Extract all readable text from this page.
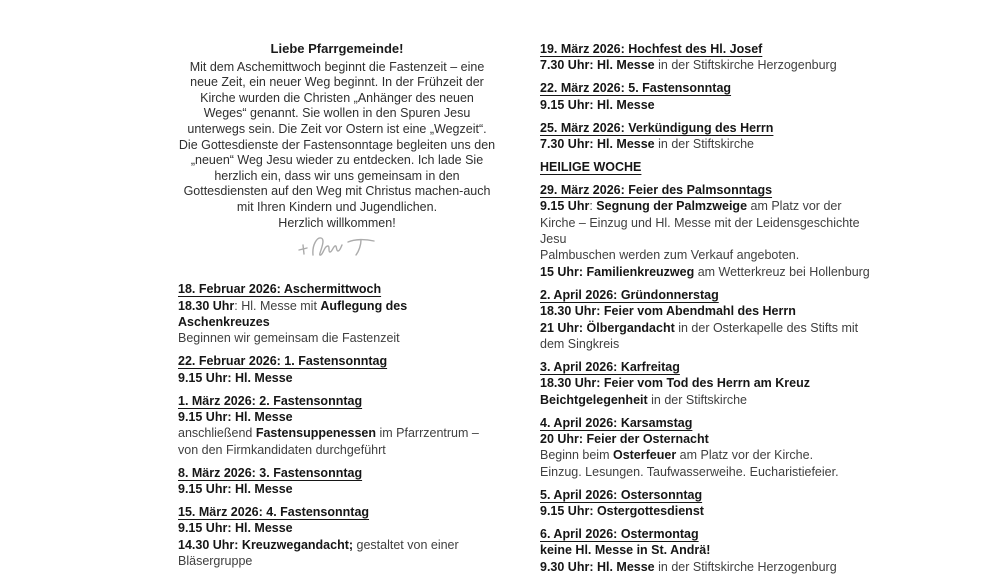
Liebe Pfarrgemeinde!

Mit dem Aschemittwoch beginnt die Fastenzeit – eine neue Zeit, ein neuer Weg beginnt. In der Frühzeit der Kirche wurden die Christen „Anhänger des neuen Weges“ genannt. Sie wollen in den Spuren Jesu unterwegs sein. Die Zeit vor Ostern ist eine „Wegzeit“.

Die Gottesdienste der Fastensonntage begleiten uns den „neuen“ Weg Jesu wieder zu entdecken. Ich lade Sie herzlich ein, dass wir uns gemeinsam in den Gottesdiensten auf den Weg mit Christus machen-auch mit Ihren Kindern und Jugendlichen.

Herzlich willkommen!

18. Februar 2026: Aschermittwoch
18.30 Uhr: Hl. Messe mit Auflegung des Aschenkreuzes
Beginnen wir gemeinsam die Fastenzeit
22. Februar 2026: 1. Fastensonntag
9.15 Uhr: Hl. Messe
1. März 2026: 2. Fastensonntag
9.15 Uhr: Hl. Messe
anschließend Fastensuppenessen im Pfarrzentrum – von den Firmkandidaten durchgeführt
8. März 2026: 3. Fastensonntag
9.15 Uhr: Hl. Messe
15. März 2026: 4. Fastensonntag
9.15 Uhr: Hl. Messe
14.30 Uhr: Kreuzwegandacht; gestaltet von einer Bläsergruppe
19. März 2026: Hochfest des Hl. Josef
7.30 Uhr: Hl. Messe in der Stiftskirche Herzogenburg
22. März 2026: 5. Fastensonntag
9.15 Uhr: Hl. Messe
25. März 2026: Verkündigung des Herrn
7.30 Uhr: Hl. Messe in der Stiftskirche
HEILIGE WOCHE
29. März 2026: Feier des Palmsonntags
9.15 Uhr: Segnung der Palmzweige am Platz vor der Kirche – Einzug und Hl. Messe mit der Leidensgeschichte Jesu
Palmbuschen werden zum Verkauf angeboten.
15 Uhr: Familienkreuzweg am Wetterkreuz bei Hollenburg
2. April 2026: Gründonnerstag
18.30 Uhr: Feier vom Abendmahl des Herrn
21 Uhr: Ölbergandacht in der Osterkapelle des Stifts mit dem Singkreis
3. April 2026: Karfreitag
18.30 Uhr: Feier vom Tod des Herrn am Kreuz
Beichtgelegenheit in der Stiftskirche
4. April 2026: Karsamstag
20 Uhr: Feier der Osternacht
Beginn beim Osterfeuer am Platz vor der Kirche.
Einzug. Lesungen. Taufwasserweihe. Eucharistiefeier.
5. April 2026: Ostersonntag
9.15 Uhr: Ostergottesdienst
6. April 2026: Ostermontag
keine Hl. Messe in St. Andrä!
9.30 Uhr: Hl. Messe in der Stiftskirche Herzogenburg
